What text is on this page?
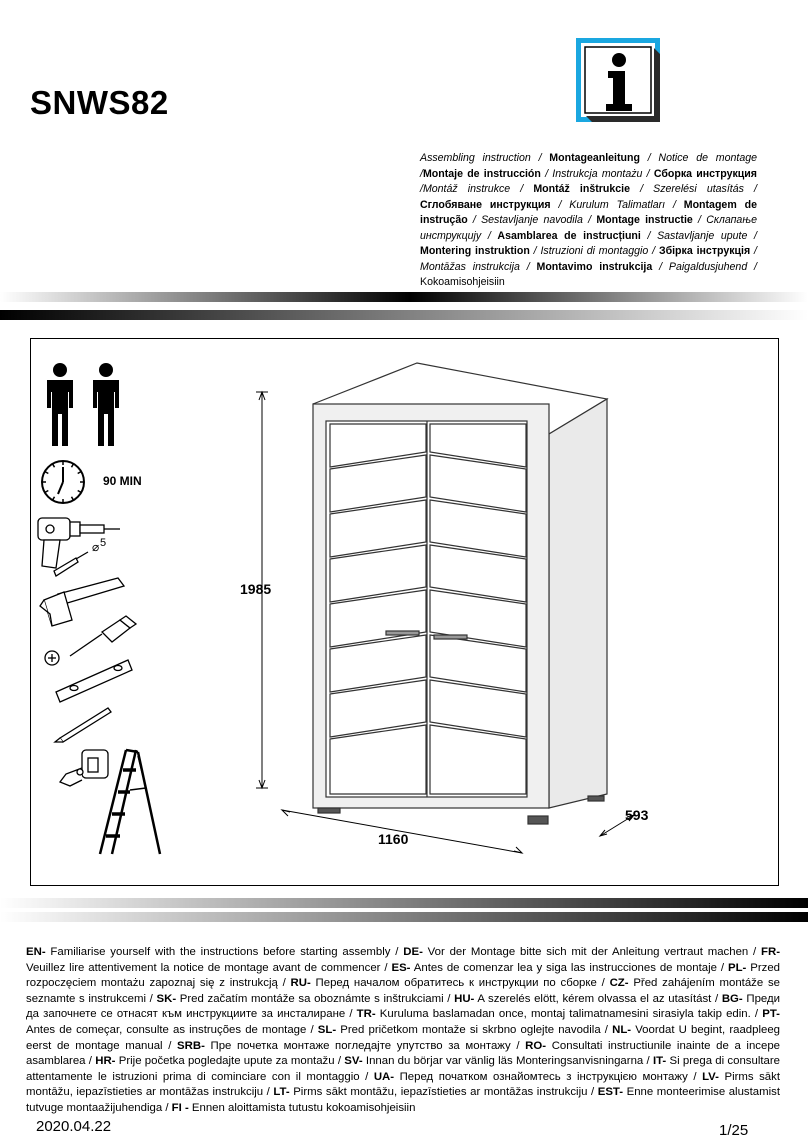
SNWS82
Assembling instruction / Montageanleitung / Notice de montage /Montaje de instrucción / Instrukcja montażu / Сборка инструкция /Montáž instrukce / Montáž inštrukcie / Szerelési utasítás /Сглобяване инструкция / Kurulum Talimatları / Montagem de instrução / Sestavljanje navodila / Montage instructie / Склапање инструкцију / Asamblarea de instrucțiuni / Sastavljanje upute / Montering instruktion / Istruzioni di montaggio / Збірка інструкція / Montāžas instrukcija / Montavimo instrukcija / Paigaldusjuhend / Kokoamisohjeisiin
90 MIN
⌀ 5
1985
1160
593
EN- Familiarise yourself with the instructions before starting assembly / DE- Vor der Montage bitte sich mit der Anleitung vertraut machen / FR- Veuillez lire attentivement la notice de montage avant de commencer / ES- Antes de comenzar lea y siga las instrucciones de montaje / PL- Przed rozpoczęciem montażu zapoznaj się z instrukcją / RU- Перед началом обратитесь к инструкции по сборке / CZ- Před zahájením montáže se seznamte s instrukcemi / SK- Pred začatím montáže sa oboznámte s inštrukciami / HU- A szerelés elött, kérem olvassa el az utasítást / BG- Преди да започнете се отнасят към инструкциите за инсталиране / TR- Kuruluma baslamadan once, montaj talimatnamesini sirasiyla takip edin. / PT- Antes de começar, consulte as instruções de montage / SL- Pred pričetkom montaže si skrbno oglejte navodila / NL- Voordat U begint, raadpleeg eerst de montage manual / SRB- Пре почетка монтаже погледајте упутство за монтажу / RO- Consultati instructiunile inainte de a incepe asamblarea / HR- Prije početka pogledajte upute za montažu / SV- Innan du börjar var vänlig läs Monteringsanvisningarna / IT- Si prega di consultare attentamente le istruzioni prima di cominciare con il montaggio / UA- Перед початком ознайомтесь з інструкцією монтажу / LV- Pirms sākt montāžu, iepazīstieties ar montāžas instrukciju / LT- Pirms sākt montāžu, iepazīstieties ar montāžas instrukciju / EST- Enne monteerimise alustamist tutvuge montaažijuhendiga / FI - Ennen aloittamista tutustu kokoamisohjeisiin
2020.04.22	1/25
